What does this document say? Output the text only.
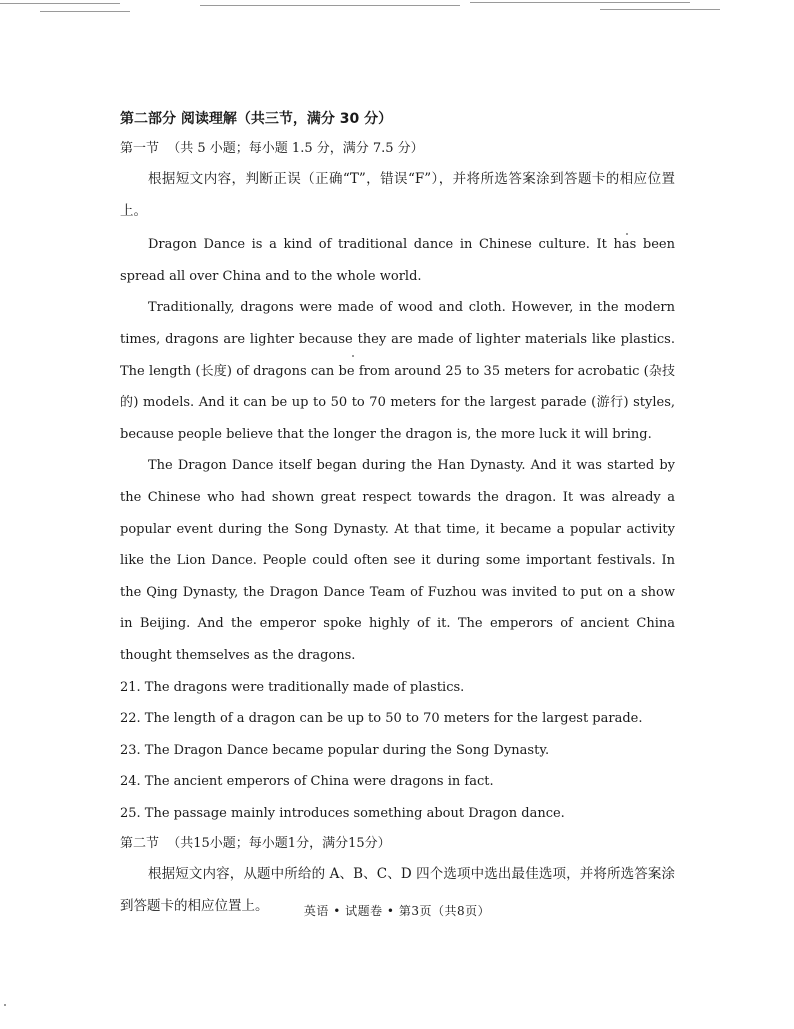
第二部分 阅读理解（共三节，满分 30 分）

第一节  （共 5 小题；每小题 1.5 分，满分 7.5 分）

根据短文内容，判断正误（正确“T”，错误“F”），并将所选答案涂到答题卡的相应位置上。

Dragon Dance is a kind of traditional dance in Chinese culture. It has been spread all over China and to the whole world.

Traditionally, dragons were made of wood and cloth. However, in the modern times, dragons are lighter because they are made of lighter materials like plastics. The length (长度) of dragons can be from around 25 to 35 meters for acrobatic (杂技的) models. And it can be up to 50 to 70 meters for the largest parade (游行) styles, because people believe that the longer the dragon is, the more luck it will bring.

The Dragon Dance itself began during the Han Dynasty. And it was started by the Chinese who had shown great respect towards the dragon. It was already a popular event during the Song Dynasty. At that time, it became a popular activity like the Lion Dance. People could often see it during some important festivals. In the Qing Dynasty, the Dragon Dance Team of Fuzhou was invited to put on a show in Beijing. And the emperor spoke highly of it. The emperors of ancient China thought themselves as the dragons.

21. The dragons were traditionally made of plastics.

22. The length of a dragon can be up to 50 to 70 meters for the largest parade.

23. The Dragon Dance became popular during the Song Dynasty.

24. The ancient emperors of China were dragons in fact.

25. The passage mainly introduces something about Dragon dance.

第二节  （共15小题；每小题1分，满分15分）

根据短文内容，从题中所给的 A、B、C、D 四个选项中选出最佳选项，并将所选答案涂到答题卡的相应位置上。	英语 • 试题卷 • 第3页（共8页）
